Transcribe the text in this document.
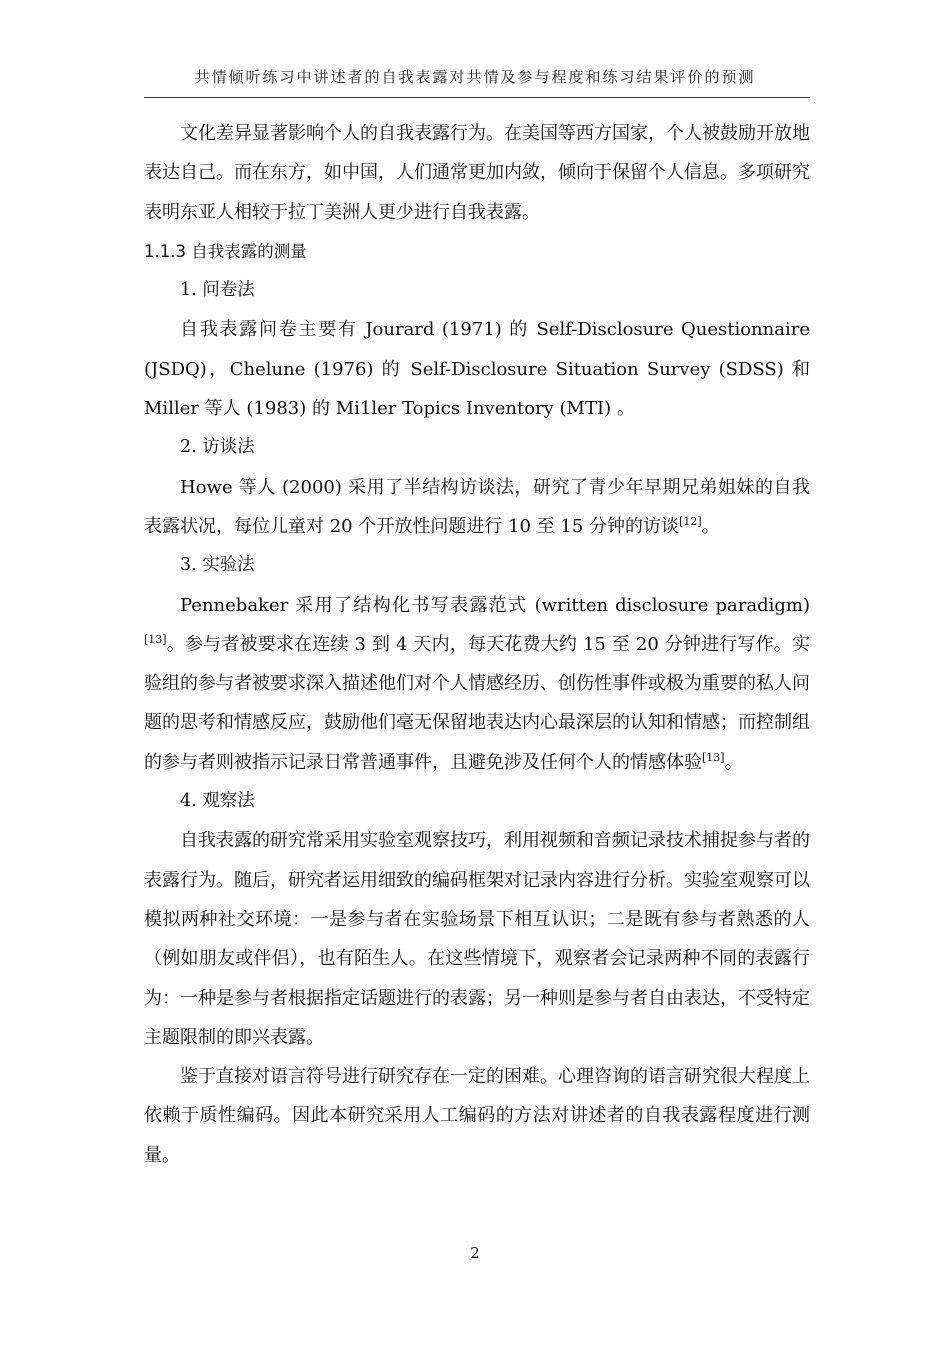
共情倾听练习中讲述者的自我表露对共情及参与程度和练习结果评价的预测

文化差异显著影响个人的自我表露行为。在美国等西方国家，个人被鼓励开放地表达自己。而在东方，如中国，人们通常更加内敛，倾向于保留个人信息。多项研究表明东亚人相较于拉丁美洲人更少进行自我表露。

1.1.3 自我表露的测量

1. 问卷法

自我表露问卷主要有 Jourard (1971) 的 Self-Disclosure Questionnaire (JSDQ)，Chelune (1976) 的 Self-Disclosure Situation Survey (SDSS) 和 Miller 等人 (1983) 的 Mi1ler Topics Inventory (MTI) 。

2. 访谈法

Howe 等人 (2000) 采用了半结构访谈法，研究了青少年早期兄弟姐妹的自我表露状况，每位儿童对 20 个开放性问题进行 10 至 15 分钟的访谈[12]。

3. 实验法

Pennebaker 采用了结构化书写表露范式 (written disclosure paradigm) [13]。参与者被要求在连续 3 到 4 天内，每天花费大约 15 至 20 分钟进行写作。实验组的参与者被要求深入描述他们对个人情感经历、创伤性事件或极为重要的私人问题的思考和情感反应，鼓励他们毫无保留地表达内心最深层的认知和情感；而控制组的参与者则被指示记录日常普通事件，且避免涉及任何个人的情感体验[13]。

4. 观察法

自我表露的研究常采用实验室观察技巧，利用视频和音频记录技术捕捉参与者的表露行为。随后，研究者运用细致的编码框架对记录内容进行分析。实验室观察可以模拟两种社交环境：一是参与者在实验场景下相互认识；二是既有参与者熟悉的人（例如朋友或伴侣），也有陌生人。在这些情境下，观察者会记录两种不同的表露行为：一种是参与者根据指定话题进行的表露；另一种则是参与者自由表达，不受特定主题限制的即兴表露。

鉴于直接对语言符号进行研究存在一定的困难。心理咨询的语言研究很大程度上依赖于质性编码。因此本研究采用人工编码的方法对讲述者的自我表露程度进行测量。

2
